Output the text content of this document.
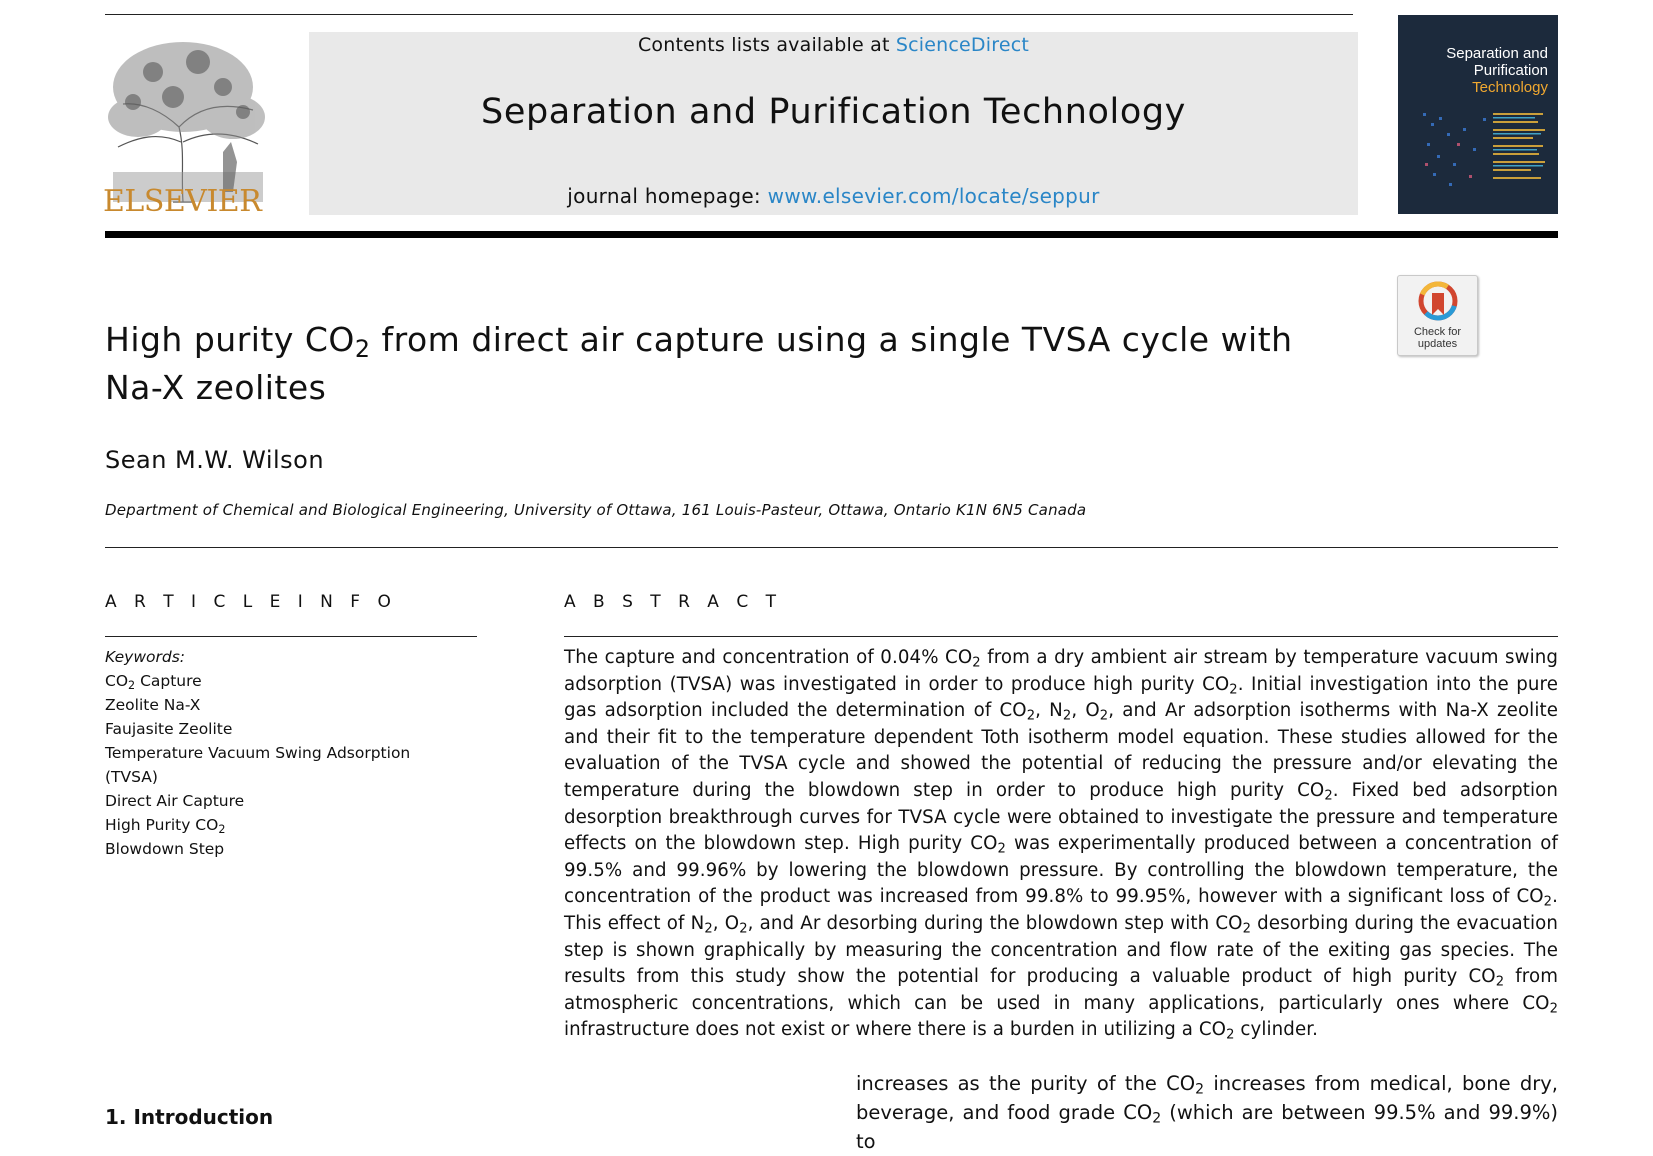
ELSEVIER
Contents lists available at ScienceDirect
Separation and Purification Technology
journal homepage: www.elsevier.com/locate/seppur
Separation and
Purification
Technology
Check for
updates
High purity $CO_2$ from direct air capture using a single TVSA cycle with
Na-X zeolites
Sean M.W. Wilson
Department of Chemical and Biological Engineering, University of Ottawa, 161 Louis-Pasteur, Ottawa, Ontario K1N 6N5 Canada
A R T I C L E I N F O	A B S T R A C T
Keywords:
$CO_2$ Capture
Zeolite Na-X
Faujasite Zeolite
Temperature Vacuum Swing Adsorption
(TVSA)
Direct Air Capture
High Purity $CO_2$
Blowdown Step
The capture and concentration of 0.04% $CO_2$ from a dry ambient air stream by temperature vacuum swing adsorption (TVSA) was investigated in order to produce high purity $CO_2$. Initial investigation into the pure gas adsorption included the determination of $CO_2$, $N_2$, $O_2$, and Ar adsorption isotherms with Na-X zeolite and their fit to the temperature dependent Toth isotherm model equation. These studies allowed for the evaluation of the TVSA cycle and showed the potential of reducing the pressure and/or elevating the temperature during the blowdown step in order to produce high purity $CO_2$. Fixed bed adsorption desorption breakthrough curves for TVSA cycle were obtained to investigate the pressure and temperature effects on the blowdown step. High purity $CO_2$ was experimentally produced between a concentration of 99.5% and 99.96% by lowering the blowdown pressure. By controlling the blowdown temperature, the concentration of the product was increased from 99.8% to 99.95%, however with a significant loss of $CO_2$. This effect of $N_2$, $O_2$, and Ar desorbing during the blowdown step with $CO_2$ desorbing during the evacuation step is shown graphically by measuring the concentration and flow rate of the exiting gas species. The results from this study show the potential for producing a valuable product of high purity $CO_2$ from atmospheric concentrations, which can be used in many applications, particularly ones where $CO_2$ infrastructure does not exist or where there is a burden in utilizing a $CO_2$ cylinder.
1. Introduction
increases as the purity of the $CO_2$ increases from medical, bone dry, beverage, and food grade $CO_2$ (which are between 99.5% and 99.9%) to
